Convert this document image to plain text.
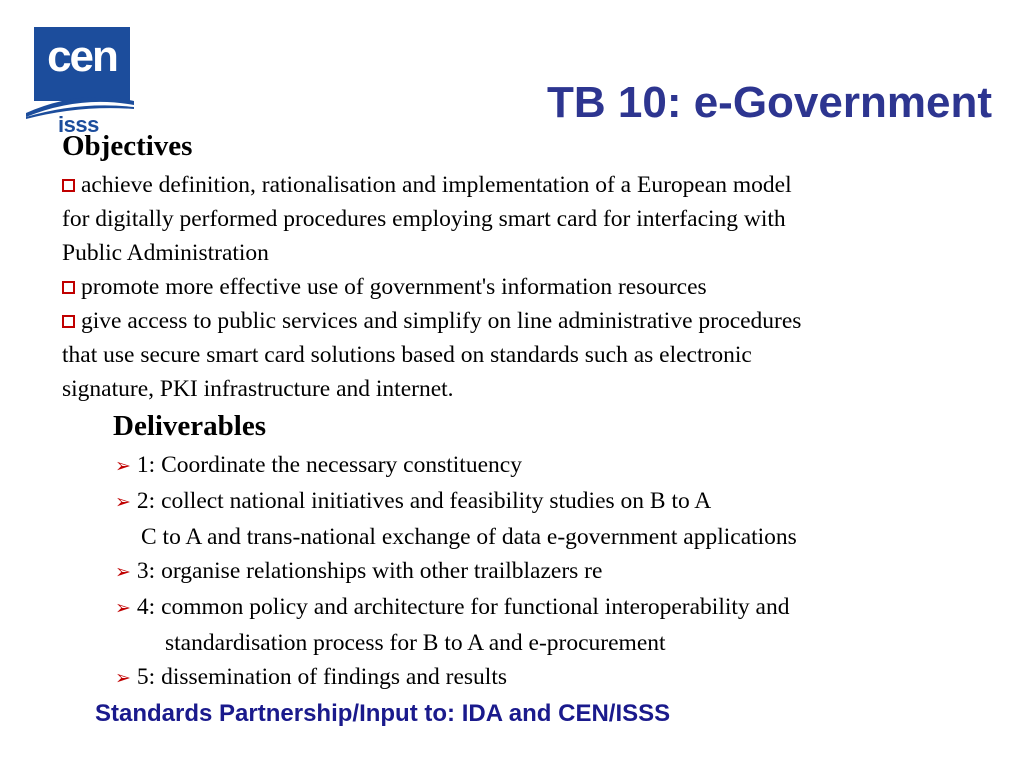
cen
isss	TB 10: e-Government
Objectives
achieve definition, rationalisation and implementation of a European model
for digitally performed procedures employing smart card for interfacing with
Public Administration
promote more effective use of government's information resources
give access to public services and simplify on line administrative procedures
that use secure smart card solutions based on standards such as electronic
signature, PKI infrastructure and internet.
Deliverables
➢ 1: Coordinate the necessary constituency
➢ 2: collect national initiatives and feasibility studies on B to A
C to A and trans-national exchange of data e-government applications
➢ 3: organise relationships with other trailblazers re
➢ 4: common policy and architecture for functional interoperability and
standardisation process for B to A and e-procurement
➢ 5: dissemination of findings and results
Standards Partnership/Input to: IDA and CEN/ISSS
